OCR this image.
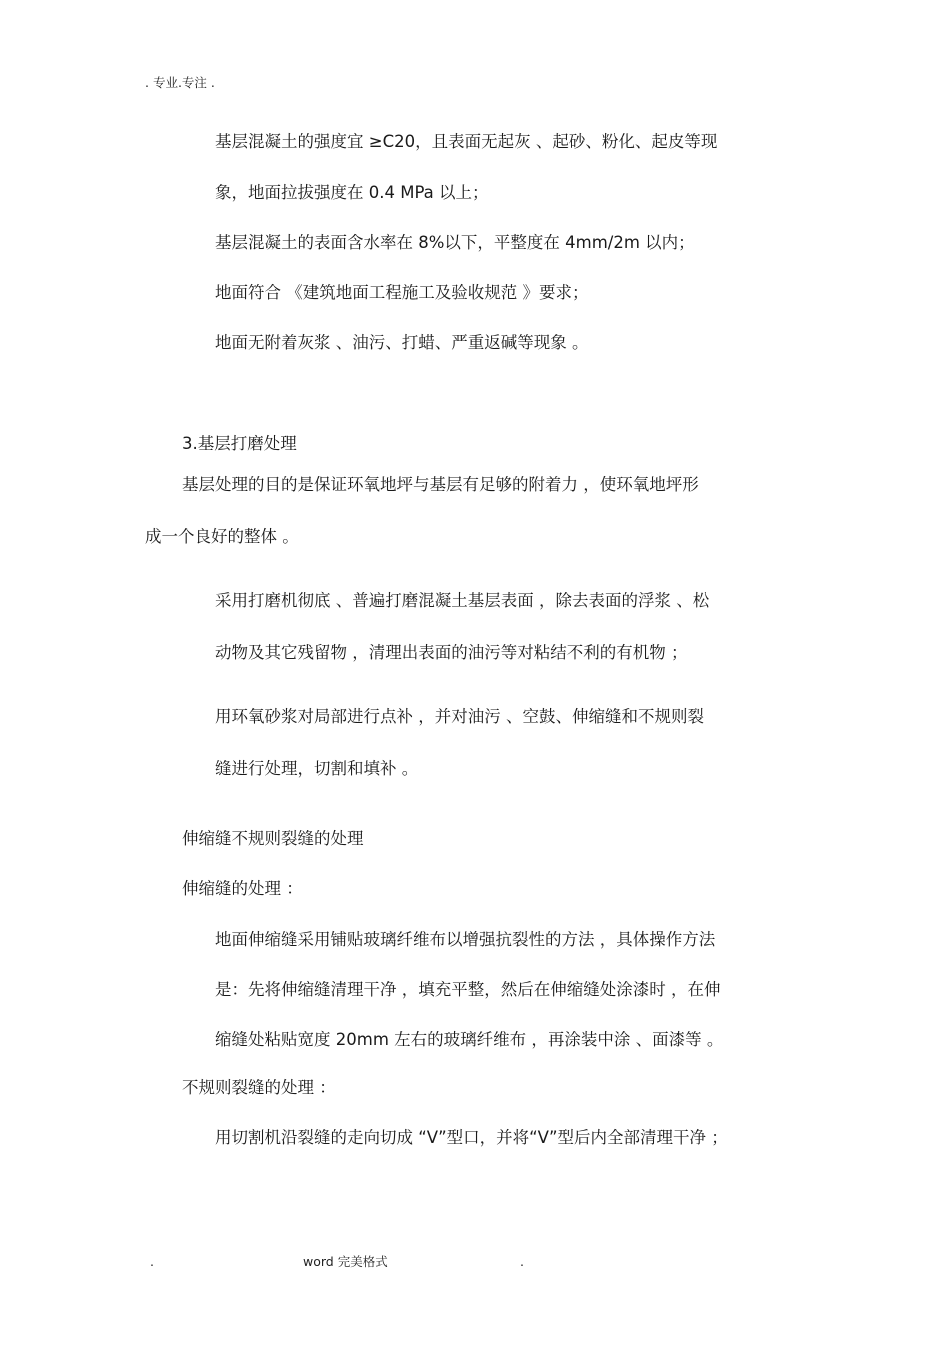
. 专业.专注 .
基层混凝土的强度宜 ≥C20，且表面无起灰 、起砂、粉化、起皮等现
象，地面拉拔强度在 0.4 MPa 以上；
基层混凝土的表面含水率在 8%以下，平整度在 4mm/2m 以内；
地面符合 《建筑地面工程施工及验收规范 》要求；
地面无附着灰浆 、油污、打蜡、严重返碱等现象 。
3.基层打磨处理
基层处理的目的是保证环氧地坪与基层有足够的附着力 ，使环氧地坪形
成一个良好的整体 。
采用打磨机彻底 、普遍打磨混凝土基层表面 ，除去表面的浮浆 、松
动物及其它残留物 ，清理出表面的油污等对粘结不利的有机物 ；
用环氧砂浆对局部进行点补 ，并对油污 、空鼓、伸缩缝和不规则裂
缝进行处理，切割和填补 。
伸缩缝不规则裂缝的处理
伸缩缝的处理 ：
地面伸缩缝采用铺贴玻璃纤维布以增强抗裂性的方法 ，具体操作方法
是：先将伸缩缝清理干净 ，填充平整，然后在伸缩缝处涂漆时 ，在伸
缩缝处粘贴宽度 20mm 左右的玻璃纤维布 ，再涂装中涂 、面漆等 。
不规则裂缝的处理 ：
用切割机沿裂缝的走向切成 “V”型口，并将“V”型后内全部清理干净 ；
.	word 完美格式	.
